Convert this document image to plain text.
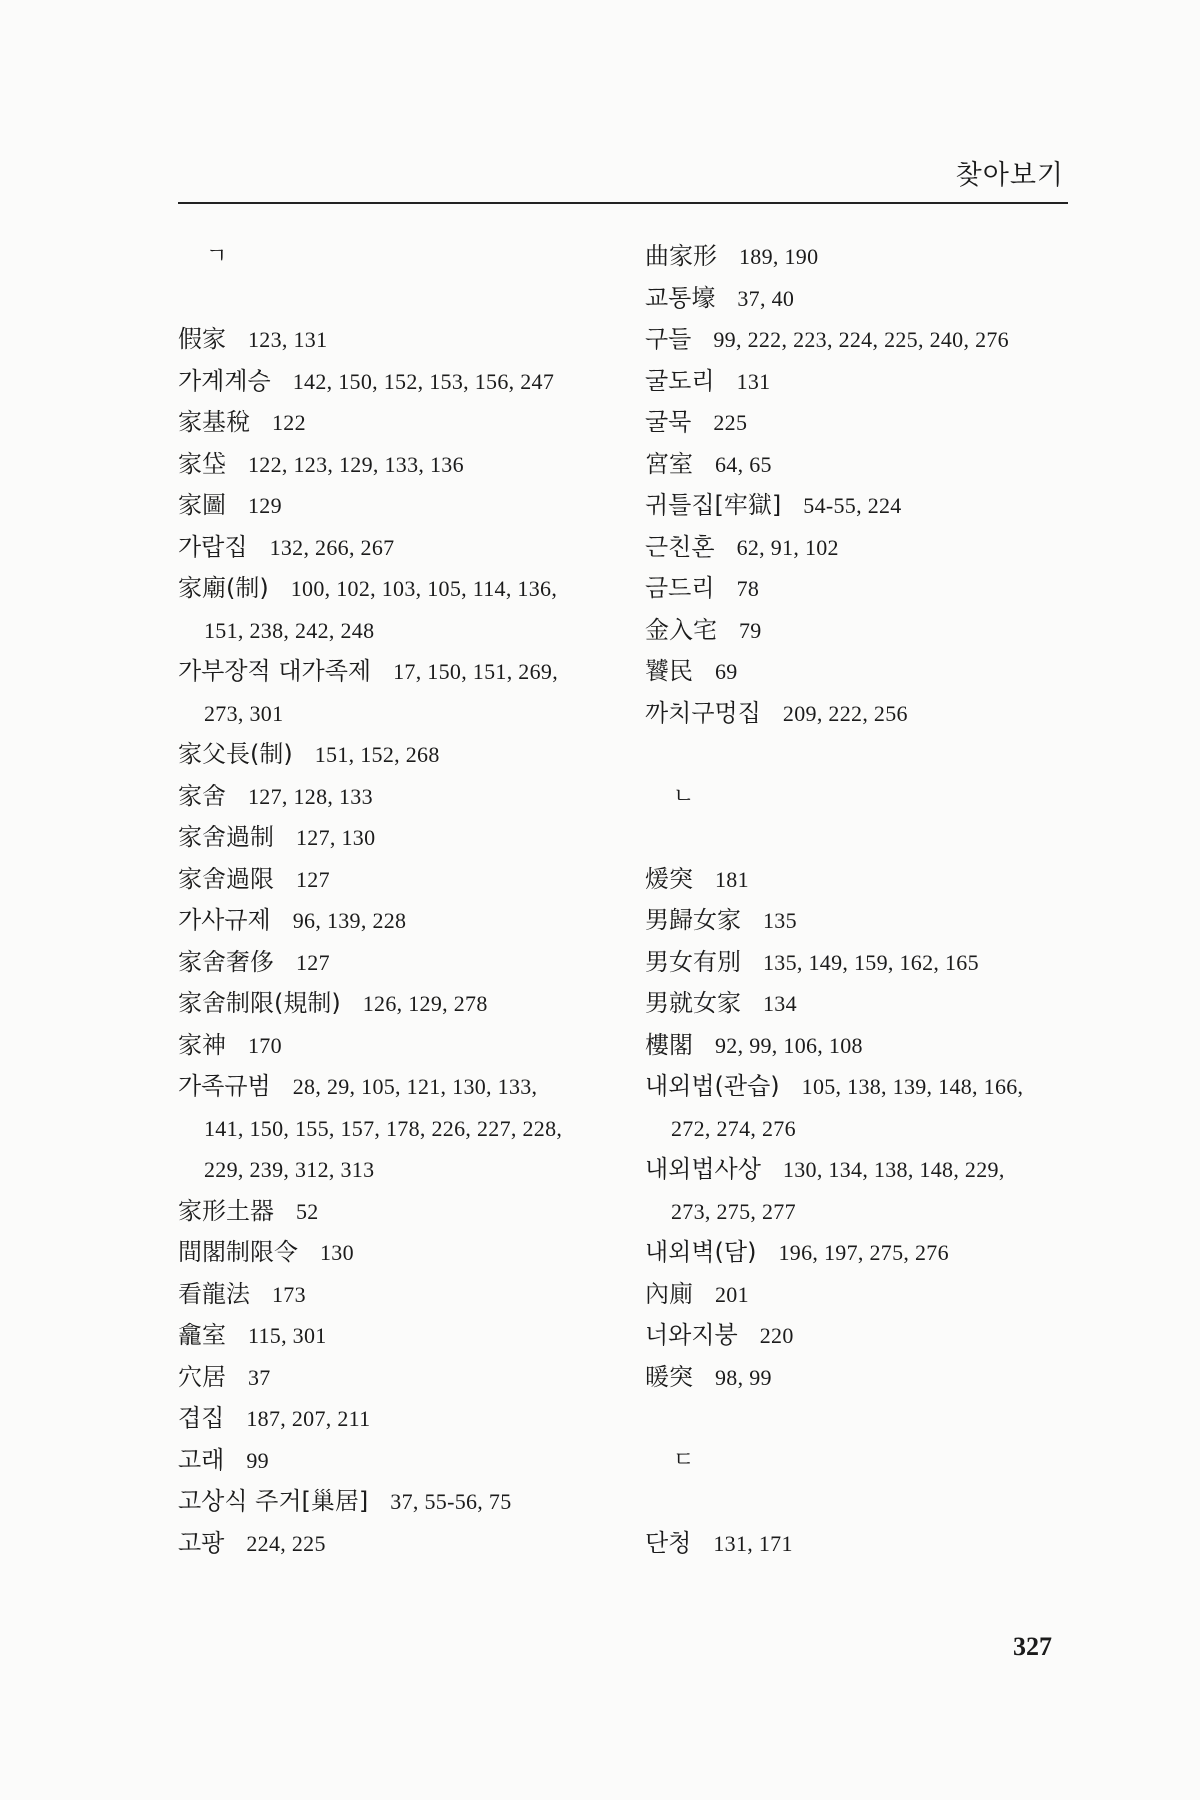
찾아보기
ㄱ
假家 123, 131
가계계승 142, 150, 152, 153, 156, 247
家基稅 122
家垈 122, 123, 129, 133, 136
家圖 129
가랍집 132, 266, 267
家廟(制) 100, 102, 103, 105, 114, 136,
151, 238, 242, 248
가부장적 대가족제 17, 150, 151, 269,
273, 301
家父長(制) 151, 152, 268
家舍 127, 128, 133
家舍過制 127, 130
家舍過限 127
가사규제 96, 139, 228
家舍奢侈 127
家舍制限(規制) 126, 129, 278
家神 170
가족규범 28, 29, 105, 121, 130, 133,
141, 150, 155, 157, 178, 226, 227, 228,
229, 239, 312, 313
家形土器 52
間閣制限令 130
看龍法 173
龕室 115, 301
穴居 37
겹집 187, 207, 211
고래 99
고상식 주거[巢居] 37, 55-56, 75
고팡 224, 225
曲家形 189, 190
교통壕 37, 40
구들 99, 222, 223, 224, 225, 240, 276
굴도리 131
굴묵 225
宮室 64, 65
귀틀집[牢獄] 54-55, 224
근친혼 62, 91, 102
금드리 78
金入宅 79
饕民 69
까치구멍집 209, 222, 256
ㄴ
煖突 181
男歸女家 135
男女有別 135, 149, 159, 162, 165
男就女家 134
樓閣 92, 99, 106, 108
내외법(관습) 105, 138, 139, 148, 166,
272, 274, 276
내외법사상 130, 134, 138, 148, 229,
273, 275, 277
내외벽(담) 196, 197, 275, 276
內廁 201
너와지붕 220
暖突 98, 99
ㄷ
단청 131, 171
327
